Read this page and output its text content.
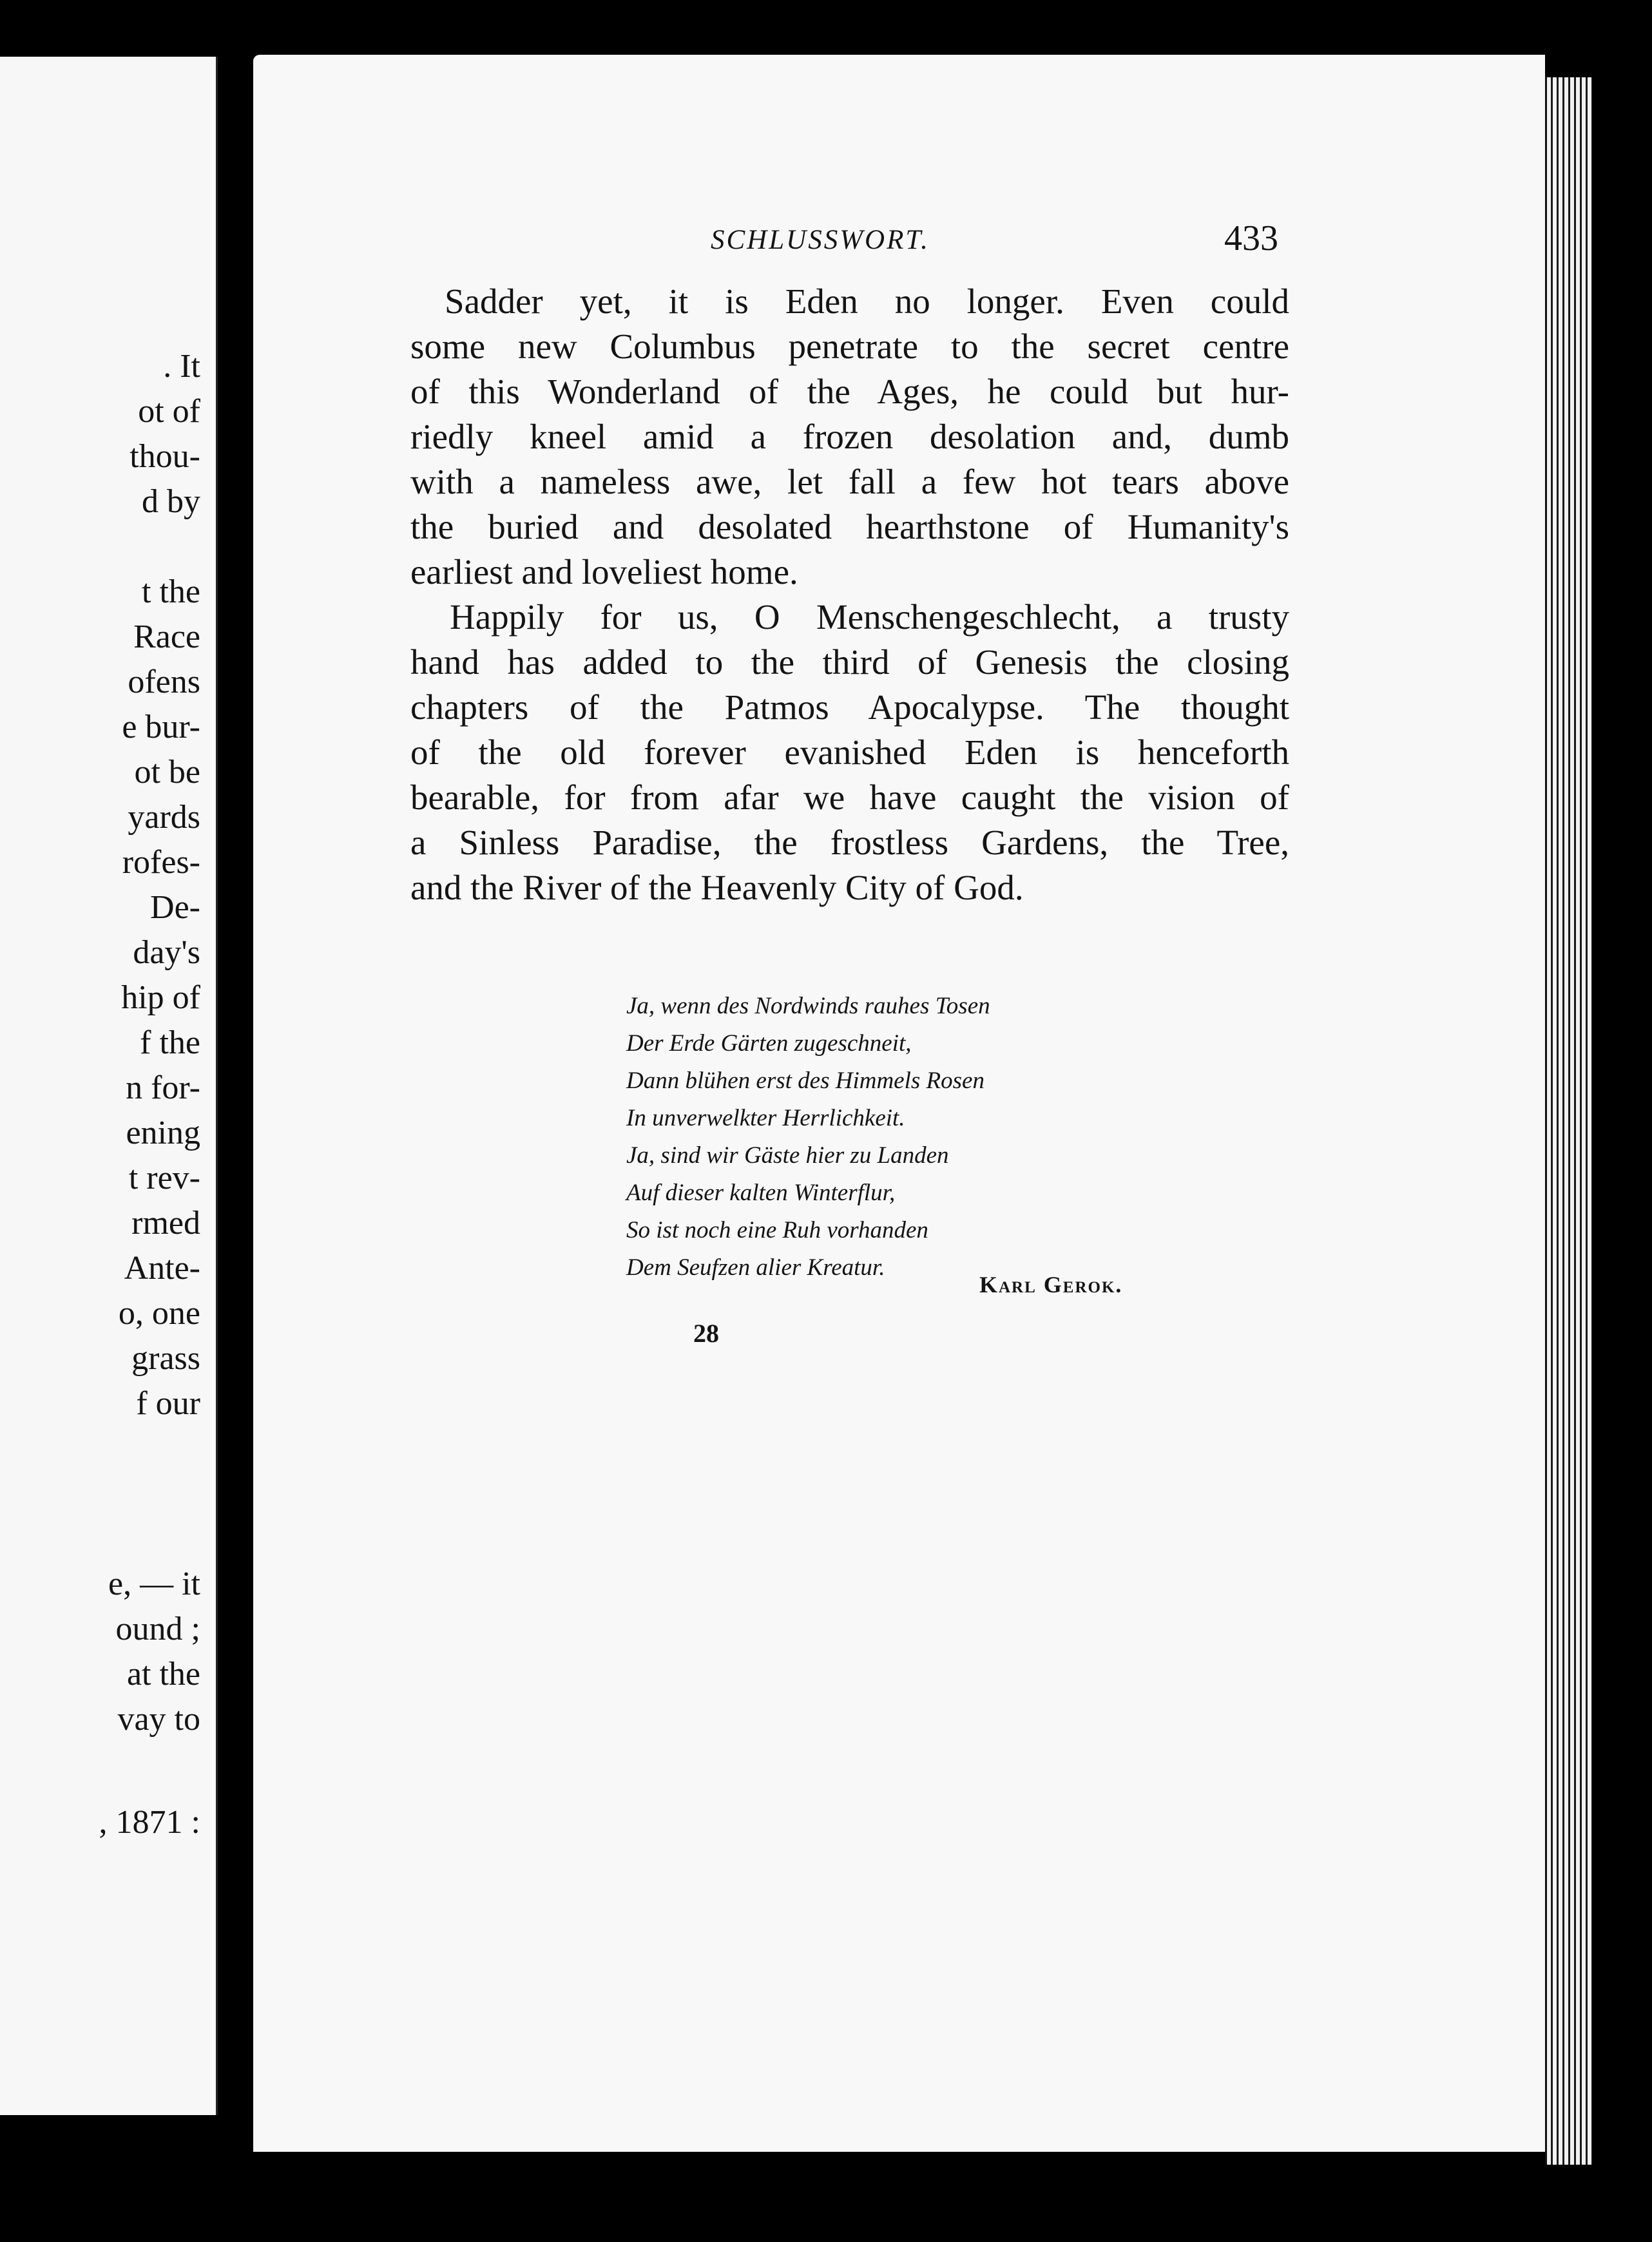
. It
ot of
thou-
d by
t the
Race
ofens
e bur-
ot be
yards
rofes-
De-
day's
hip of
f the
n for-
ening
t rev-
rmed
Ante-
o, one
grass
f our
e, — it
ound ;
at the
vay to
, 1871 :
SCHLUSSWORT.	433
Sadder yet, it is Eden no longer. Even could
some new Columbus penetrate to the secret centre
of this Wonderland of the Ages, he could but hur-
riedly kneel amid a frozen desolation and, dumb
with a nameless awe, let fall a few hot tears above
the buried and desolated hearthstone of Humanity's
earliest and loveliest home.
Happily for us, O Menschengeschlecht, a trusty
hand has added to the third of Genesis the closing
chapters of the Patmos Apocalypse. The thought
of the old forever evanished Eden is henceforth
bearable, for from afar we have caught the vision of
a Sinless Paradise, the frostless Gardens, the Tree,
and the River of the Heavenly City of God.
Ja, wenn des Nordwinds rauhes Tosen
Der Erde Gärten zugeschneit,
Dann blühen erst des Himmels Rosen
In unverwelkter Herrlichkeit.
Ja, sind wir Gäste hier zu Landen
Auf dieser kalten Winterflur,
So ist noch eine Ruh vorhanden
Dem Seufzen alier Kreatur.
Karl Gerok.
28
